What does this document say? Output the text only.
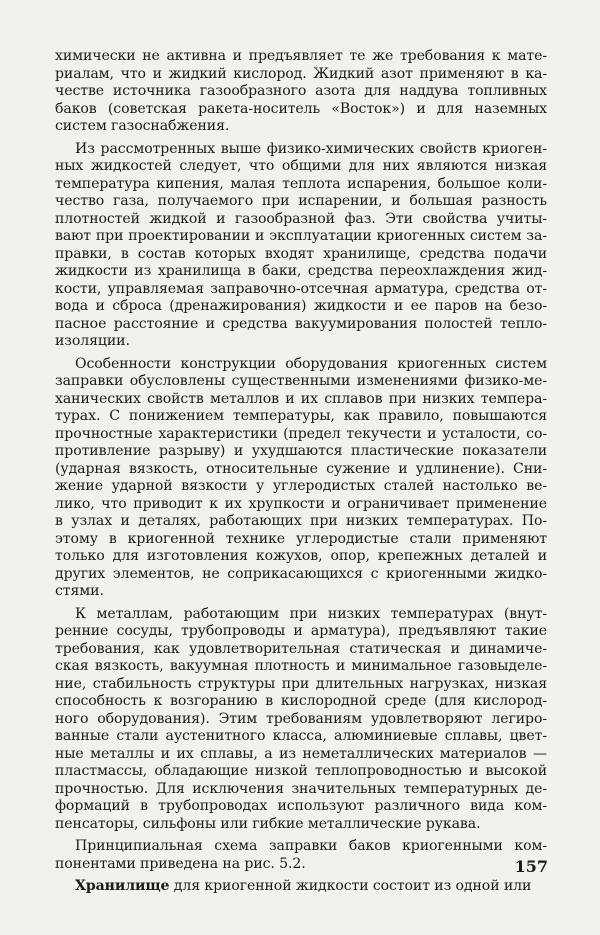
химически не активна и предъявляет те же требования к мате-
риалам, что и жидкий кислород. Жидкий азот применяют в ка-
честве источника газообразного азота для наддува топливных
баков (советская ракета-носитель «Восток») и для наземных
систем газоснабжения.
Из рассмотренных выше физико-химических свойств криоген-
ных жидкостей следует, что общими для них являются низкая
температура кипения, малая теплота испарения, большое коли-
чество газа, получаемого при испарении, и большая разность
плотностей жидкой и газообразной фаз. Эти свойства учиты-
вают при проектировании и эксплуатации криогенных систем за-
правки, в состав которых входят хранилище, средства подачи
жидкости из хранилища в баки, средства переохлаждения жид-
кости, управляемая заправочно-отсечная арматура, средства от-
вода и сброса (дренажирования) жидкости и ее паров на безо-
пасное расстояние и средства вакуумирования полостей тепло-
изоляции.
Особенности конструкции оборудования криогенных систем
заправки обусловлены существенными изменениями физико-ме-
ханических свойств металлов и их сплавов при низких темпера-
турах. С понижением температуры, как правило, повышаются
прочностные характеристики (предел текучести и усталости, со-
противление разрыву) и ухудшаются пластические показатели
(ударная вязкость, относительные сужение и удлинение). Сни-
жение ударной вязкости у углеродистых сталей настолько ве-
лико, что приводит к их хрупкости и ограничивает применение
в узлах и деталях, работающих при низких температурах. По-
этому в криогенной технике углеродистые стали применяют
только для изготовления кожухов, опор, крепежных деталей и
других элементов, не соприкасающихся с криогенными жидко-
стями.
К металлам, работающим при низких температурах (внут-
ренние сосуды, трубопроводы и арматура), предъявляют такие
требования, как удовлетворительная статическая и динамиче-
ская вязкость, вакуумная плотность и минимальное газовыделе-
ние, стабильность структуры при длительных нагрузках, низкая
способность к возгоранию в кислородной среде (для кислород-
ного оборудования). Этим требованиям удовлетворяют легиро-
ванные стали аустенитного класса, алюминиевые сплавы, цвет-
ные металлы и их сплавы, а из неметаллических материалов —
пластмассы, обладающие низкой теплопроводностью и высокой
прочностью. Для исключения значительных температурных де-
формаций в трубопроводах используют различного вида ком-
пенсаторы, сильфоны или гибкие металлические рукава.
Принципиальная схема заправки баков криогенными ком-
понентами приведена на рис. 5.2.
Хранилище для криогенной жидкости состоит из одной или
157
